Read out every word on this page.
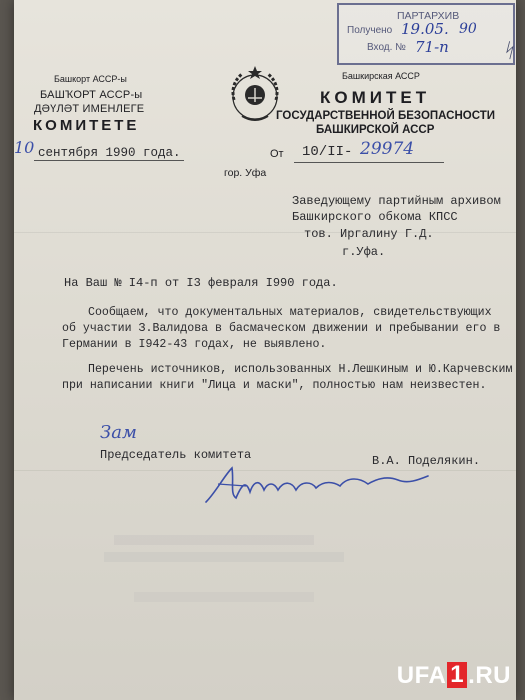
ПАРТАРХИВ
Получено 19.05. 90
Вход. № 71-п	ᛋ
Башкорт АССР-ы
БАШҠОРТ АССР-ы
ДӘҮЛӘТ ИМЕНЛЕГЕ
КОМИТЕТЕ
10 сентября 1990 года.
Башкирская АССР
КОМИТЕТ
ГОСУДАРСТВЕННОЙ БЕЗОПАСНОСТИ
БАШКИРСКОЙ АССР
От 10/II- 29974
гор. Уфа
Заведующему партийным архивом
Башкирского обкома КПСС
тов. Иргалину Г.Д.
г.Уфа.
На Ваш № I4-п от I3 февраля I990 года.
Сообщаем, что документальных материалов, свидетельствующих
об участии З.Валидова в басмаческом движении и пребывании его в
Германии в I942-43 годах, не выявлено.
Перечень источников, использованных Н.Лешкиным и Ю.Карчевским
при написании книги "Лица и маски", полностью нам неизвестен.
Зам
Председатель комитета	В.А. Поделякин.
UFA 1 .RU
